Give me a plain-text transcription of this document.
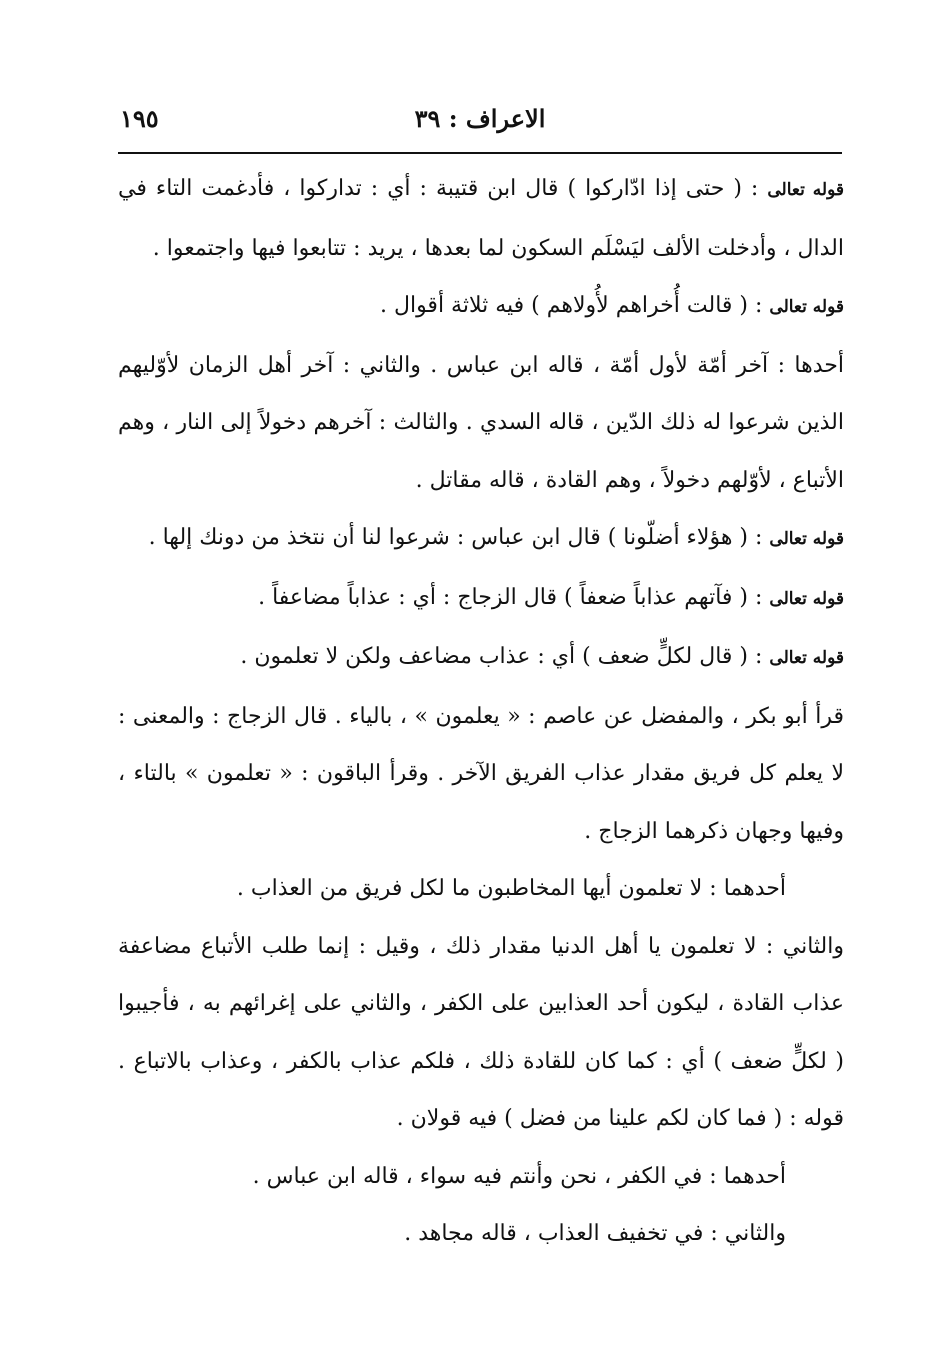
الاعراف : ٣٩
١٩٥

قوله تعالى : ( حتى إذا ادّاركوا ) قال ابن قتيبة : أي : تداركوا ، فأدغمت التاء في الدال ، وأدخلت الألف ليَسْلَم السكون لما بعدها ، يريد : تتابعوا فيها واجتمعوا .

قوله تعالى : ( قالت أُخراهم لأُولاهم ) فيه ثلاثة أقوال .

أحدها : آخر أمّة لأول أمّة ، قاله ابن عباس . والثاني : آخر أهل الزمان لأوّليهم الذين شرعوا له ذلك الدّين ، قاله السدي . والثالث : آخرهم دخولاً إلى النار ، وهم الأتباع ، لأوّلهم دخولاً ، وهم القادة ، قاله مقاتل .

قوله تعالى : ( هؤلاء أضلّونا ) قال ابن عباس : شرعوا لنا أن نتخذ من دونك إلها .

قوله تعالى : ( فآتهم عذاباً ضعفاً ) قال الزجاج : أي : عذاباً مضاعفاً .

قوله تعالى : ( قال لكلٍّ ضعف ) أي : عذاب مضاعف ولكن لا تعلمون .

قرأ أبو بكر ، والمفضل عن عاصم : « يعلمون » ، بالياء . قال الزجاج : والمعنى : لا يعلم كل فريق مقدار عذاب الفريق الآخر . وقرأ الباقون : « تعلمون » بالتاء ، وفيها وجهان ذكرهما الزجاج .

أحدهما : لا تعلمون أيها المخاطبون ما لكل فريق من العذاب .

والثاني : لا تعلمون يا أهل الدنيا مقدار ذلك ، وقيل : إنما طلب الأتباع مضاعفة عذاب القادة ، ليكون أحد العذابين على الكفر ، والثاني على إغرائهم به ، فأجيبوا ( لكلٍّ ضعف ) أي : كما كان للقادة ذلك ، فلكم عذاب بالكفر ، وعذاب بالاتباع . قوله : ( فما كان لكم علينا من فضل ) فيه قولان .

أحدهما : في الكفر ، نحن وأنتم فيه سواء ، قاله ابن عباس .

والثاني : في تخفيف العذاب ، قاله مجاهد .
